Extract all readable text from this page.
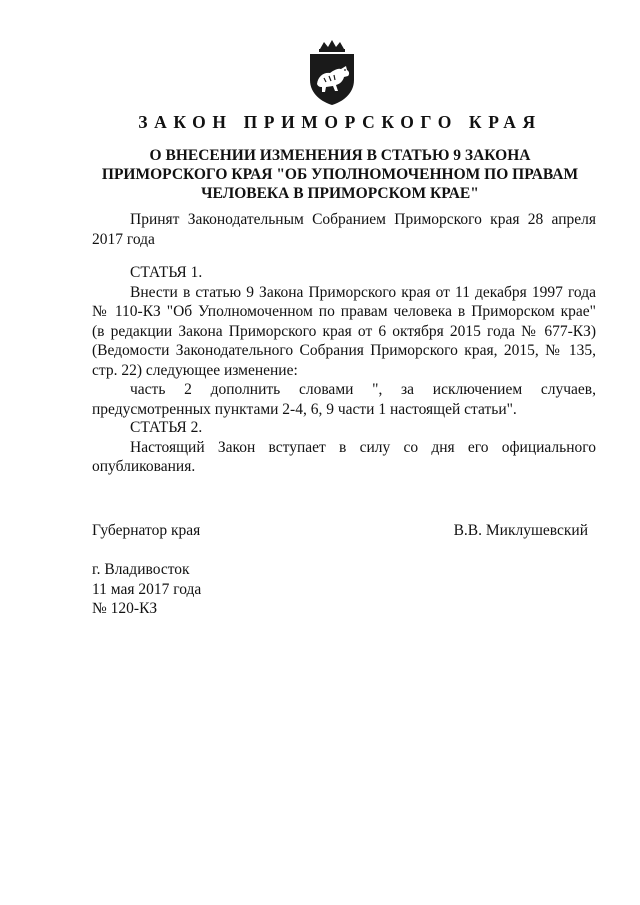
ЗАКОН ПРИМОРСКОГО КРАЯ
О ВНЕСЕНИИ ИЗМЕНЕНИЯ В СТАТЬЮ 9 ЗАКОНА
ПРИМОРСКОГО КРАЯ "ОБ УПОЛНОМОЧЕННОМ ПО ПРАВАМ
ЧЕЛОВЕКА В ПРИМОРСКОМ КРАЕ"
Принят Законодательным Собранием Приморского края 28 апреля
2017 года
СТАТЬЯ 1.
Внести в статью 9 Закона Приморского края от 11 декабря 1997 года
№ 110-КЗ "Об Уполномоченном по правам человека в Приморском крае"
(в редакции Закона Приморского края от 6 октября 2015 года № 677-КЗ)
(Ведомости Законодательного Собрания Приморского края, 2015, № 135,
стр. 22) следующее изменение:
часть 2 дополнить словами ", за исключением случаев,
предусмотренных пунктами 2-4, 6, 9 части 1 настоящей статьи".
СТАТЬЯ 2.
Настоящий Закон вступает в силу со дня его официального
опубликования.
Губернатор края	В.В. Миклушевский
г. Владивосток
11 мая 2017 года
№ 120-КЗ
